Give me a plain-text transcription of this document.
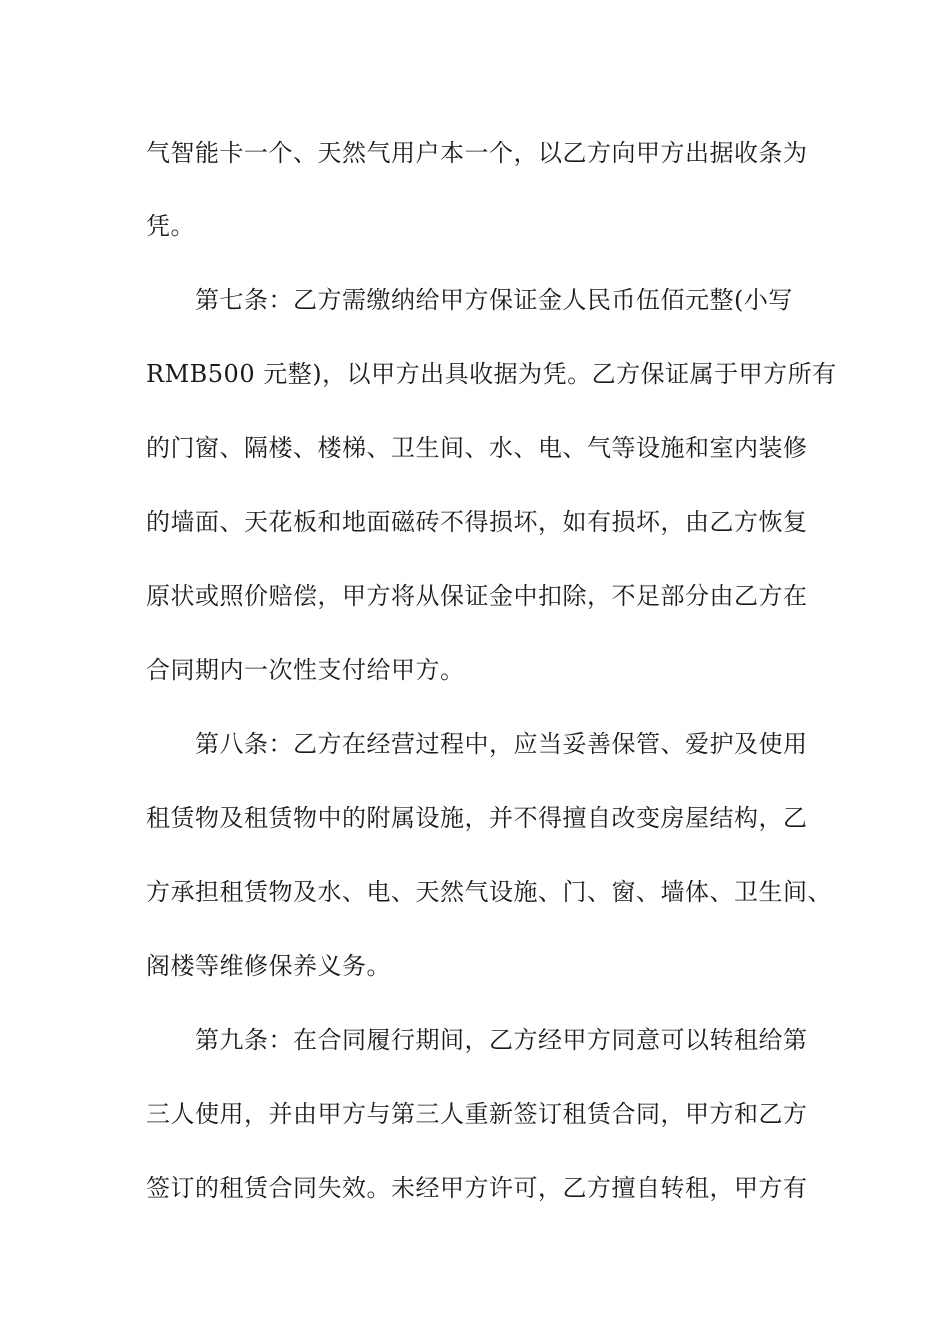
气智能卡一个、天然气用户本一个，以乙方向甲方出据收条为
凭。
　　第七条：乙方需缴纳给甲方保证金人民币伍佰元整(小写
RMB500 元整)，以甲方出具收据为凭。乙方保证属于甲方所有
的门窗、隔楼、楼梯、卫生间、水、电、气等设施和室内装修
的墙面、天花板和地面磁砖不得损坏，如有损坏，由乙方恢复
原状或照价赔偿，甲方将从保证金中扣除，不足部分由乙方在
合同期内一次性支付给甲方。
　　第八条：乙方在经营过程中，应当妥善保管、爱护及使用
租赁物及租赁物中的附属设施，并不得擅自改变房屋结构，乙
方承担租赁物及水、电、天然气设施、门、窗、墙体、卫生间、
阁楼等维修保养义务。
　　第九条：在合同履行期间，乙方经甲方同意可以转租给第
三人使用，并由甲方与第三人重新签订租赁合同，甲方和乙方
签订的租赁合同失效。未经甲方许可，乙方擅自转租，甲方有
